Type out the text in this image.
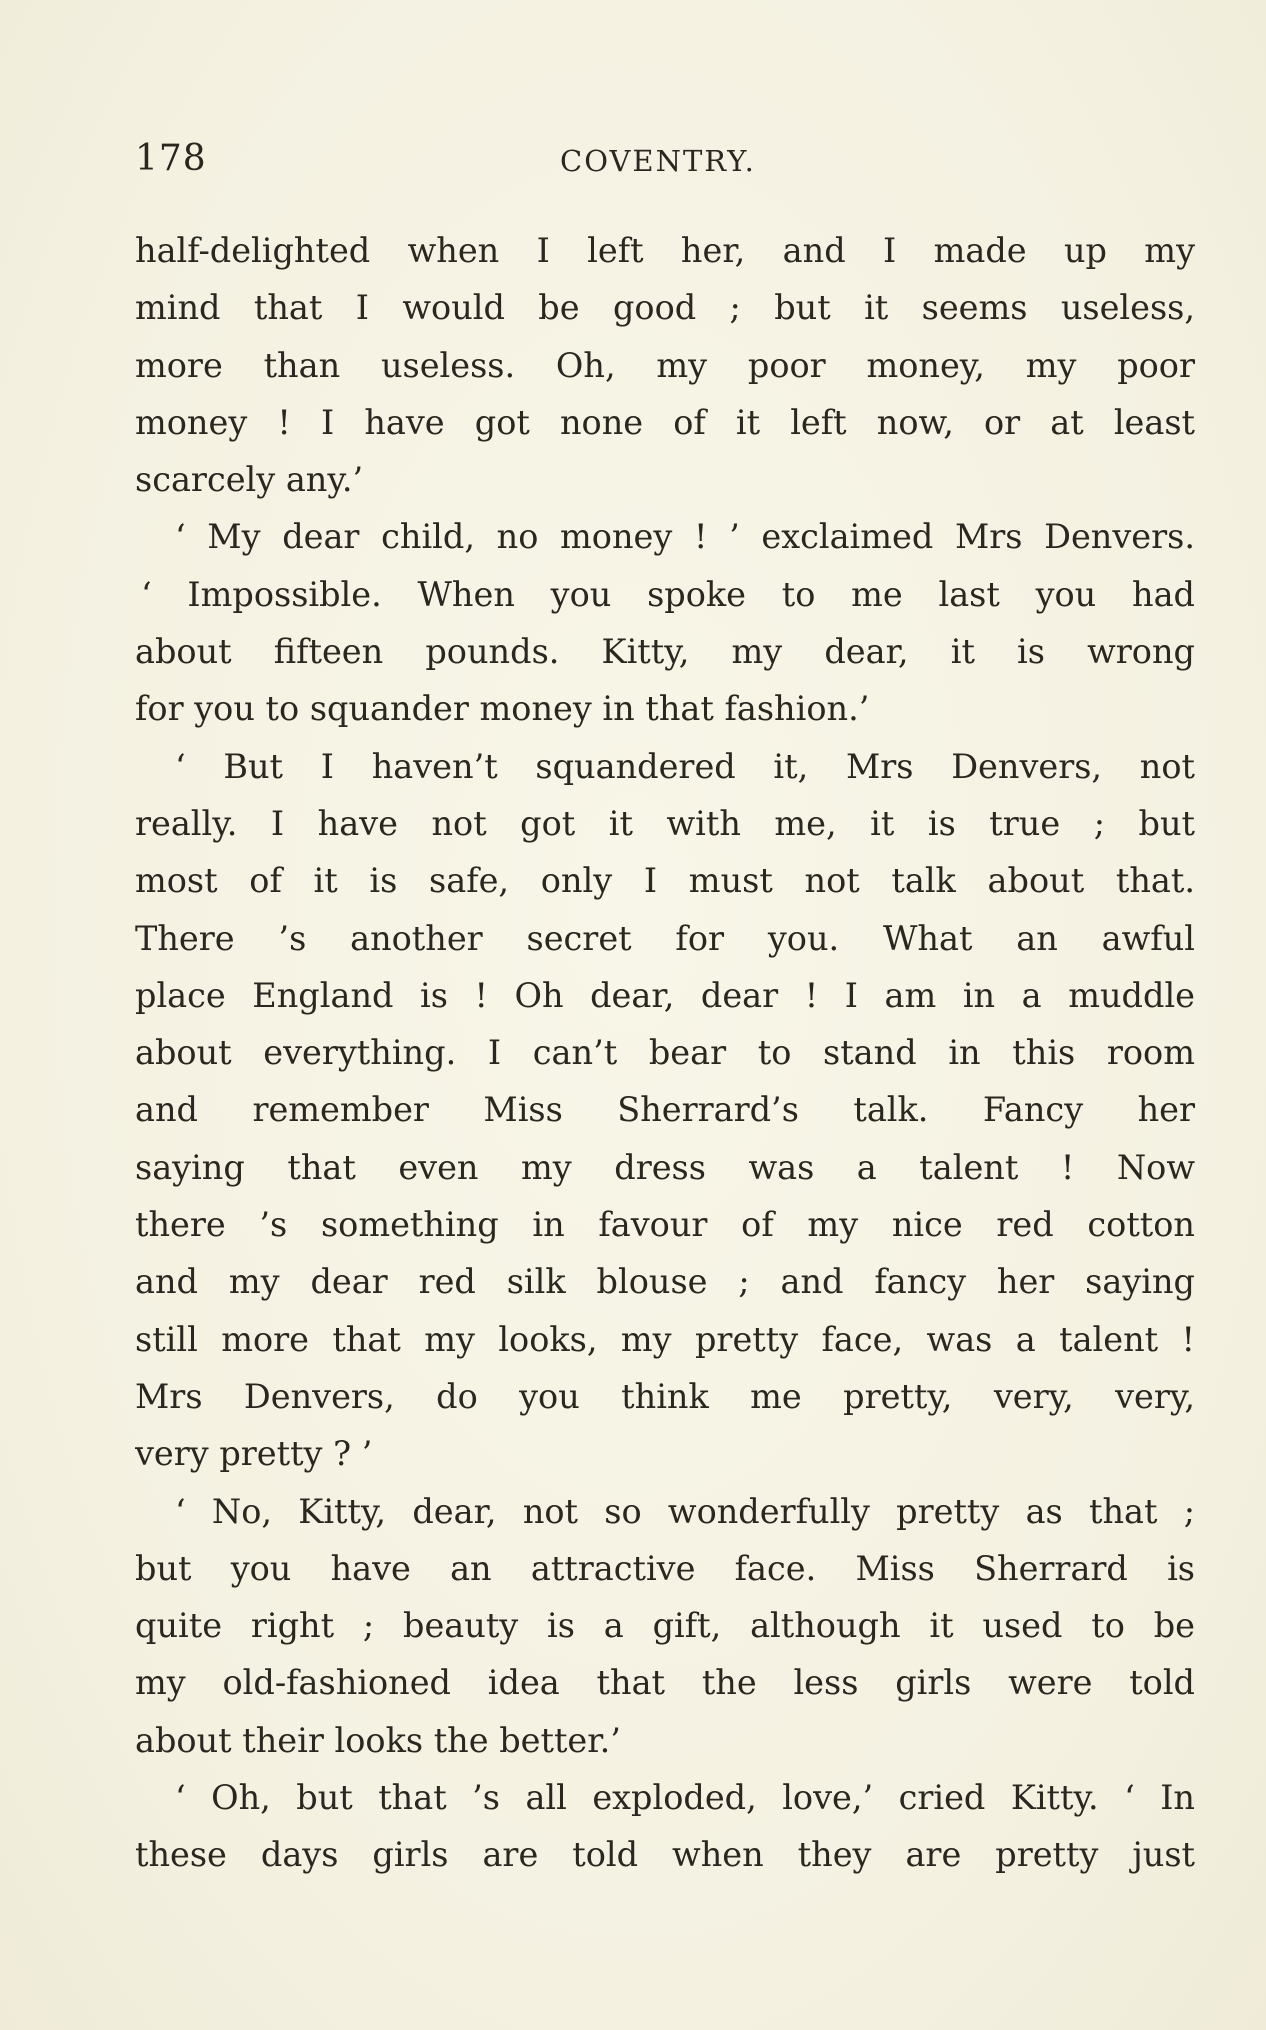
178	COVENTRY.
half-delighted when I left her, and I made up my
mind that I would be good ; but it seems useless,
more than useless. Oh, my poor money, my poor
money ! I have got none of it left now, or at least
scarcely any.’
‘ My dear child, no money ! ’ exclaimed Mrs Denvers.
‘ Impossible. When you spoke to me last you had
about fifteen pounds. Kitty, my dear, it is wrong
for you to squander money in that fashion.’
‘ But I haven’t squandered it, Mrs Denvers, not
really. I have not got it with me, it is true ; but
most of it is safe, only I must not talk about that.
There ’s another secret for you. What an awful
place England is ! Oh dear, dear ! I am in a muddle
about everything. I can’t bear to stand in this room
and remember Miss Sherrard’s talk. Fancy her
saying that even my dress was a talent ! Now
there ’s something in favour of my nice red cotton
and my dear red silk blouse ; and fancy her saying
still more that my looks, my pretty face, was a talent !
Mrs Denvers, do you think me pretty, very, very,
very pretty ? ’
‘ No, Kitty, dear, not so wonderfully pretty as that ;
but you have an attractive face. Miss Sherrard is
quite right ; beauty is a gift, although it used to be
my old-fashioned idea that the less girls were told
about their looks the better.’
‘ Oh, but that ’s all exploded, love,’ cried Kitty. ‘ In
these days girls are told when they are pretty just
